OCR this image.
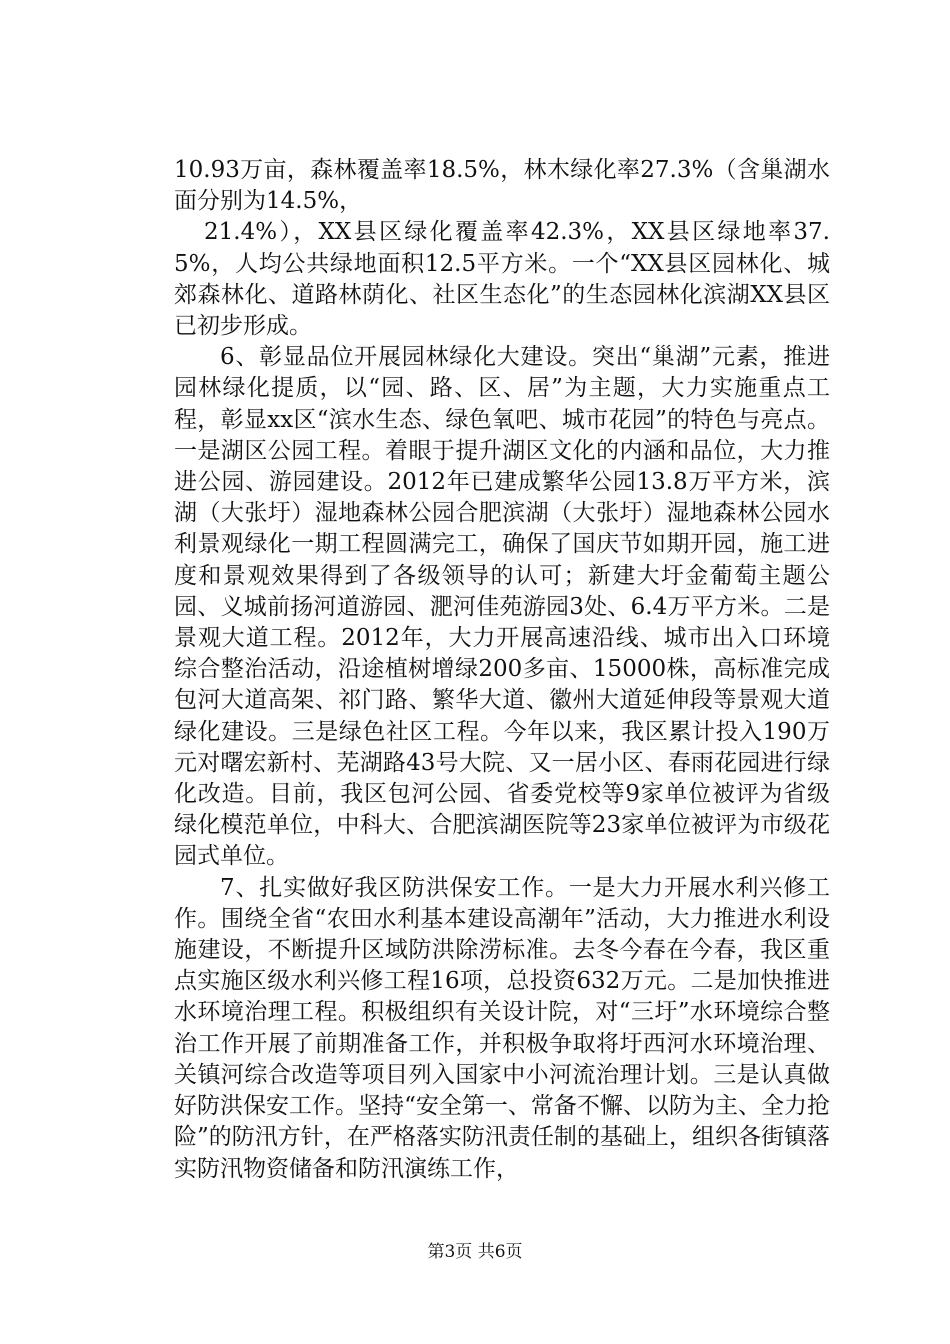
10.93万亩，森林覆盖率18.5%，林木绿化率27.3%（含巢湖水面分别为14.5%，

21.4%），XX县区绿化覆盖率42.3%，XX县区绿地率37.5%，人均公共绿地面积12.5平方米。一个“XX县区园林化、城郊森林化、道路林荫化、社区生态化”的生态园林化滨湖XX县区已初步形成。

6、彰显品位开展园林绿化大建设。突出“巢湖”元素，推进园林绿化提质，以“园、路、区、居”为主题，大力实施重点工程，彰显xx区“滨水生态、绿色氧吧、城市花园”的特色与亮点。一是湖区公园工程。着眼于提升湖区文化的内涵和品位，大力推进公园、游园建设。2012年已建成繁华公园13.8万平方米，滨湖（大张圩）湿地森林公园合肥滨湖（大张圩）湿地森林公园水利景观绿化一期工程圆满完工，确保了国庆节如期开园，施工进度和景观效果得到了各级领导的认可；新建大圩金葡萄主题公园、义城前扬河道游园、淝河佳苑游园3处、6.4万平方米。二是景观大道工程。2012年，大力开展高速沿线、城市出入口环境综合整治活动，沿途植树增绿200多亩、15000株，高标准完成包河大道高架、祁门路、繁华大道、徽州大道延伸段等景观大道绿化建设。三是绿色社区工程。今年以来，我区累计投入190万元对曙宏新村、芜湖路43号大院、又一居小区、春雨花园进行绿化改造。目前，我区包河公园、省委党校等9家单位被评为省级绿化模范单位，中科大、合肥滨湖医院等23家单位被评为市级花园式单位。

7、扎实做好我区防洪保安工作。一是大力开展水利兴修工作。围绕全省“农田水利基本建设高潮年”活动，大力推进水利设施建设，不断提升区域防洪除涝标准。去冬今春在今春，我区重点实施区级水利兴修工程16项，总投资632万元。二是加快推进水环境治理工程。积极组织有关设计院，对“三圩”水环境综合整治工作开展了前期准备工作，并积极争取将圩西河水环境治理、关镇河综合改造等项目列入国家中小河流治理计划。三是认真做好防洪保安工作。坚持“安全第一、常备不懈、以防为主、全力抢险”的防汛方针，在严格落实防汛责任制的基础上，组织各街镇落实防汛物资储备和防汛演练工作，

第3页 共6页
